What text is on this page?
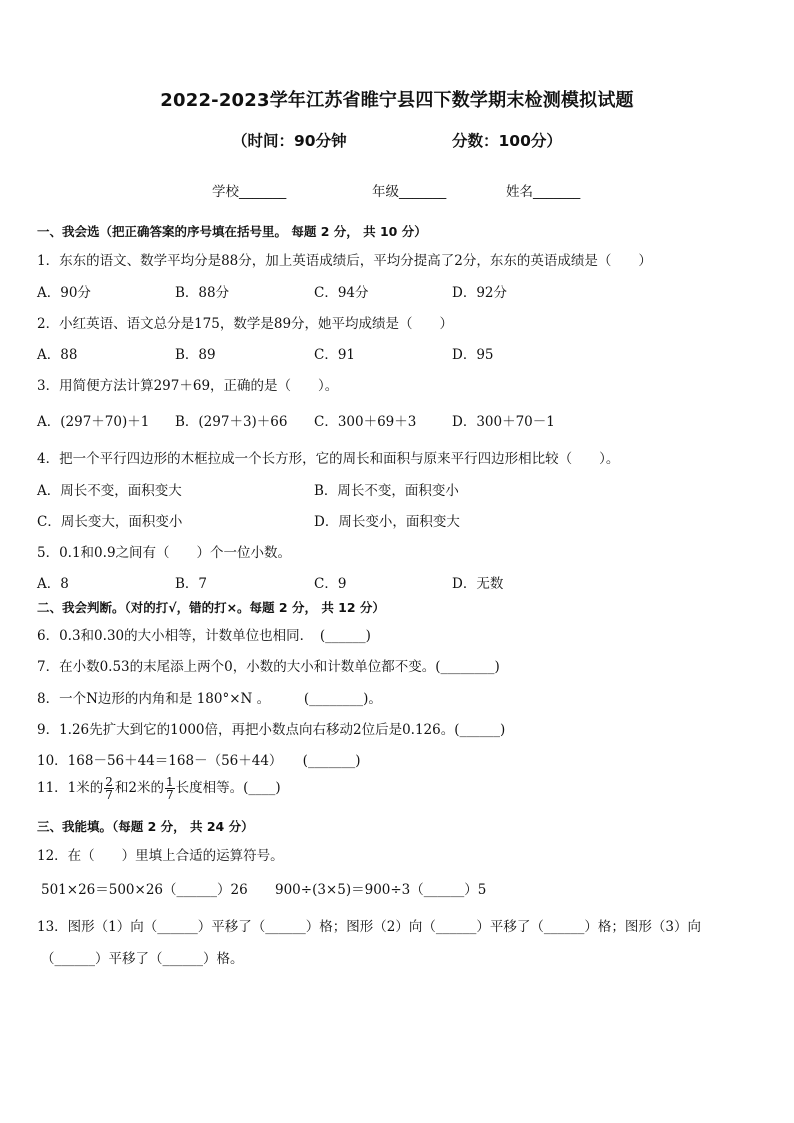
2022-2023学年江苏省睢宁县四下数学期末检测模拟试题
（时间：90分钟	分数：100分）
学校_______	年级_______	姓名_______
一、我会选（把正确答案的序号填在括号里。 每题 2 分， 共 10 分）
1．东东的语文、数学平均分是88分，加上英语成绩后，平均分提高了2分，东东的英语成绩是（　　）
A．90分	B．88分	C．94分	D．92分
2．小红英语、语文总分是175，数学是89分，她平均成绩是（　　）
A．88	B．89	C．91	D．95
3．用简便方法计算297＋69，正确的是（　　）。
A．(297＋70)＋1 B．(297＋3)＋66 C．300＋69＋3	D．300＋70－1
4．把一个平行四边形的木框拉成一个长方形，它的周长和面积与原来平行四边形相比较（　　）。
A．周长不变，面积变大	B．周长不变，面积变小
C．周长变大，面积变小	D．周长变小，面积变大
5．0.1和0.9之间有（　　）个一位小数。
A．8	B．7	C．9	D．无数
二、我会判断。（对的打√，错的打×。每题 2 分， 共 12 分）
6．0.3和0.30的大小相等，计数单位也相同．　(______)
7．在小数0.53的末尾添上两个0，小数的大小和计数单位都不变。(________)
8．一个N边形的内角和是 180°×N 。　　　(________)。
9．1.26先扩大到它的1000倍，再把小数点向右移动2位后是0.126。(______)
10．168－56＋44＝168－（56＋44）　　(_______)
11．1米的 $\frac{2}{7}$ 和2米的 $\frac{1}{7}$ 长度相等。(____)
三、我能填。（每题 2 分， 共 24 分）
12．在（　　）里填上合适的运算符号。
501×26＝500×26（______）26 900÷(3×5)＝900÷3（______）5
13．图形（1）向（______）平移了（______）格；图形（2）向（______）平移了（______）格；图形（3）向
（______）平移了（______）格。
